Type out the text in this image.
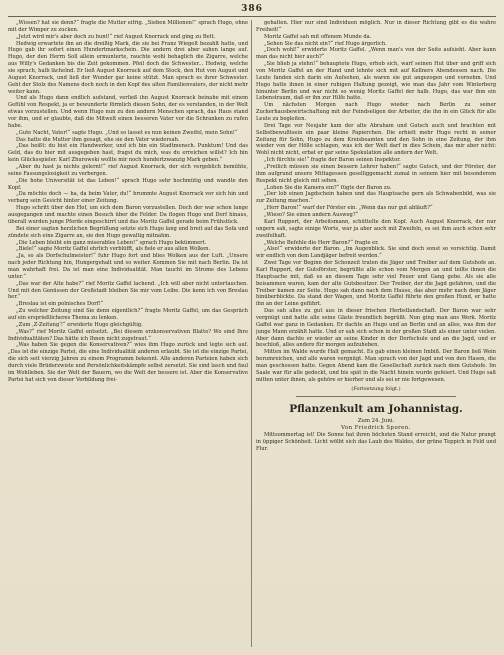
386

„Wissen? hat sie denn?“ fragte die Mutter eifrig. „Sieben Millionen!“ sprach Hugo, ohne mit der Wimper zu zucken.

„Jetzt wird mir's aber doch zu bunt!“ rief August Knorrack und ging zu Bett.

Hedwig erwartete ihn an die dreißig Mark, die sie bei Franz Wiegelt bezahlt hatte, und Hugo gab ihr sofort einen Hundertmarkschein. Die andern drei aber sahen lange auf. Hugo, der den Herrn Soll allein ermunterte, rauchte wohl behaglich die Zigarre, welche aus Willy's Gedanken bis die Zeit gekommen. Pfeil doch die Schwester... Hedwig, welche sie sprach, halb lächelnd. Er ließ August Knorrack auf dem Stock, den Hut von August und August Knorrack, und ließ der Wunder gar keine stützt. Man sprach es ihrer Schwester. Geht der Stolz des Namens doch noch in den Kopf des alten Familienvaters, der nicht mehr weiter kann.

Und als Hugo dann endlich aufstand, verließ ihn August Knorrack beinahe mit einem Gefühl von Respekt, ja er bewunderte förmlich diesen Sohn, der es verstanden, in der Welt etwas vorzustellen. Und wenn Hugo nun zu den andern Menschen sprach, das Haus stand vor ihm, und er glaubte, daß die Mitwelt einen besseren Vater vor die Schranken zu rufen habe.

„Gute Nacht, Vater!“ sagte Hugo. „Und so lasset es nun keinen Zweifel, mein Sohn!“

Das hatte die Mutter ihm gesagt, ehe sie den Vater wiedersah.

„Das heißt: du bist ein Handwerker, und ich bin ein Stadtmensch. Punktum! Und das Geld, das du hier mit ausgegeben hast, fragst du mich, was du erreichen willst? Ich bin kein Glücksspieler. Karl Zhurowski wollte mir noch hundertzwanzig Mark geben.“

„Aber du hast ja nichts gelernt!“ rief August Knorrack, der sich vergeblich bemühte, seine Fassungslosigkeit zu verbergen.

„Die hohe Universität ist das Leben!“ sprach Hugo sehr hochmütig und wandte den Kopf.

„Da möchte doch — ha, da beim Vater, du!“ brummte August Knorrack vor sich hin und verbarg sein Gesicht hinter einer Zeitung.

Hugo schritt über den Hof, um sich dem Baron vorzustellen. Doch der war schon lange ausgegangen und machte einen Besuch über die Felder. Da flogen Hugo und Dorf hinaus, überall wurden junge Pferde eingeschirrt und das Moritz Gaffel gerade beim Frühstück.

Bei einer sagten herzlichen Begrüßung setzte sich Hugo lang und breit auf das Sofa und zündete sich eine Zigarre an, sie den Hugo gewaltig mitnahm.

„Die Leben bleibt ein ganz miserables Leben!“ sprach Hugo bekümmert.

„Biele!“ sagte Moritz Gaffel ehrlich verblüfft, als fiele er aus allen Wolken.

„Ja, so als Dorfschulmeister!“ fuhr Hugo fort und blies Wolken aus der Luft. „Unsere nach jeder Richtung hin, Hungergehalt und so weiter. Kommen Sie mit nach Berlin. Da ist man wahrhaft frei. Da ist man eine Individualität. Man taucht im Strome des Lebens unter.“

„Das war der Alte habe?“ rief Moritz Gaffel lachend. „Ich will aber nicht untertauchen. Und mit den Genüssen der Großstadt bleiben Sie mir vom Leibe. Die kenn ich von Breslau her.“

„Breslau ist ein polnisches Dorf!“

„Zu welcher Zeitung sind Sie denn eigentlich?“ fragte Moritz Gaffel, um das Gespräch auf ein ersprießlicheres Thema zu lenken.

„Zum ‚Z-Zeitung‘!“ erwiderte Hugo gleichgültig.

„Was?“ rief Moritz Gaffel entsetzt. „Bei diesem erzkonservativen Blatte? Wo sind Ihre Individualitäten? Das hätte ich Ihnen nicht zugetraut.“

„Was haben Sie gegen die Konservativen?“ wies ihm Hugo zurück und legte sich auf. „Das ist die einzige Partei, die eine Individualität anderen erlaubt. Sie ist die einzige Partei, die sich seit vierzig Jahren zu einem Programm bekennt. Alle anderen Parteien haben sich durch viele Brüderzwiste und Persönlichkeitskämpfe selbst zersetzt. Sie sind lasch und faul im Wohlleben. Sie der Welt der Bauern, wo die Welt der bessere ist. Aber die Konservative Partei hat sich von dieser Verbildung frei-

gehalten. Hier nur sind Individuen möglich. Nur in dieser Richtung gibt es die wahre Freiheit!“

Moritz Gaffel sah mit offenem Munde da.

„Sehen Sie das nicht ein?“ rief Hugo ärgerlich.

„Doch wohl!“ erwiderte Moritz Gaffel. „Wenn man's von der Seite aufsieht. Aber kann man das nicht hier auch?“

„Sie blieb ja stehn!“ behauptete Hugo, erhob sich, warf seinen Hut über und griff sich von Moritz Gaffel an der Hand und lehnte sich mit auf Kellners Abendessen nach. Die Leute fanden sich darin ein Aufsehen, als waren sie gut angezogen und vornehm. Und Hugo hatte ihnen in einer ruhigen Haltung gezeigt, wie man das Jahr vom Winterberg hinunter Berlin und war nicht so wenig Moritz Gaffel der halb. Hugo, das war ihm ein Lebenstraum, daß er ihn zur Hilfe hatte.

Um nächsten Morgen nach Hugo wieder nach Berlin zu seiner Zuckerhausbewirtschaftung mit der Feindseligen der Arbeiter, die ihn in ein Glück für alle Leute zu begleiten.

Drei Tage vor Neujahr kam der alte Abraham und Gutsch auch und brachten mit Selbstbewußtsein ein paar kleine Papierchen. Die erhielt mehr Hugo recht in seiner Zeitung für Sohn, Hugo zu dem Kreisbeamten und den Sohn in eine Zeitung, der ihm wieder von der Hölle schlagen, was ich der Welt darf in dies Schein, das mir aber nicht: Wohl nicht nicht, erbat er gar seine Spekulation alle andern der Welt.

„Ich fürchte sie!“ fragte der Baron seinen Inspektor.

„Freilich müssen sie einen bessern Lehrer haben!“ sagte Gutsch, und der Förster, der ihm aufgrund unsere Mittagessen geselliggemacht zumal in seinem hier mit besonderem Respekt nicht gleich mit sehen.

„Lohen Sie die Kamera ein?“ fügte der Baron zu.

„Der lob einen Jagdschein haben und das Hauptsache gern als Schwabenbild, was sie zur Zeitung machen.“

„Herr Baron!“ warf der Förster ein. „Wenn das nur gut abläuft?“

„Wieso? Sie einen andern Ausweg?“

Karl Ruppert, der Arbeitsmann, schüttelte den Kopf. Auch August Knorrack, der nur ungern sah, sagte einige Worte, war ja aber auch mit Zweifeln, es sei ihm auch schon sehr zweifelhaft.

„Welche Befehle die Herr Baron?“ fragte er.

„Also!“ erwiderte der Baron. „Im Augenblick. Sie sind doch sonst so vorsichtig. Damit wir endlich von dem Landjäger befreit werden.“

Zwei Tage vor Beginn der Schonzeit traten die Jäger und Treiber auf dem Gutshofe an. Karl Ruppert, der Gutsförster, begrüßte alle schon vom Morgen an und teilte ihnen die Hauptsache mit, daß es an diesem Tage sehr viel Feuer und Gang gebe. Als sie alle beisammen waren, kam der alte Gutsbesitzer. Der Treiber, der die Jagd gefahren, und die Treiber kamen zur Seite. Hugo sah dann nach dem Hause, das aber mehr nach dem Jäger hinüberblickte. Da stand der Wagen, und Moritz Gaffel führte den großen Hund, er hatte ihn an der Leine geführt.

Das sah alles zu gut aus in dieser frischen Herbstlandschaft. Der Baron war sehr vergnügt und hatte alle seine Gäste freundlich begrüßt. Nun ging man ans Werk. Moritz Gaffel war ganz in Gedanken. Er dachte an Hugo und an Berlin und an alles, was ihm der junge Mann erzählt hatte. Und er sah sich schon in der großen Stadt als einer unter vielen. Aber dann dachte er wieder an seine Kinder in der Dorfschule und an die Jagd, und er beschloß, alles andere für morgen aufzuheben.

Mitten im Walde wurde Halt gemacht. Es gab einen kleinen Imbiß. Der Baron ließ Wein herumreichen, und alle waren vergnügt. Man sprach von der Jagd und von den Hasen, die man geschossen hatte. Gegen Abend kam die Gesellschaft zurück nach dem Gutshofe. Im Saale war für alle gedeckt, und bis spät in die Nacht hinein wurde gefeiert. Und Hugo saß mitten unter ihnen, als gehöre er hierher und als sei er nie fortgewesen.

(Fortsetzung folgt.)

Pflanzenkult am Johannistag.
Zum 24. Juni.
Von Friedrich Sporen.

Mittsommertag ist! Die Sonne hat ihren höchsten Stand erreicht, und die Natur prangt in üppiger Schönheit. Licht wölbt sich das Laub des Waldes, der grüne Teppich in Feld und Flur.
